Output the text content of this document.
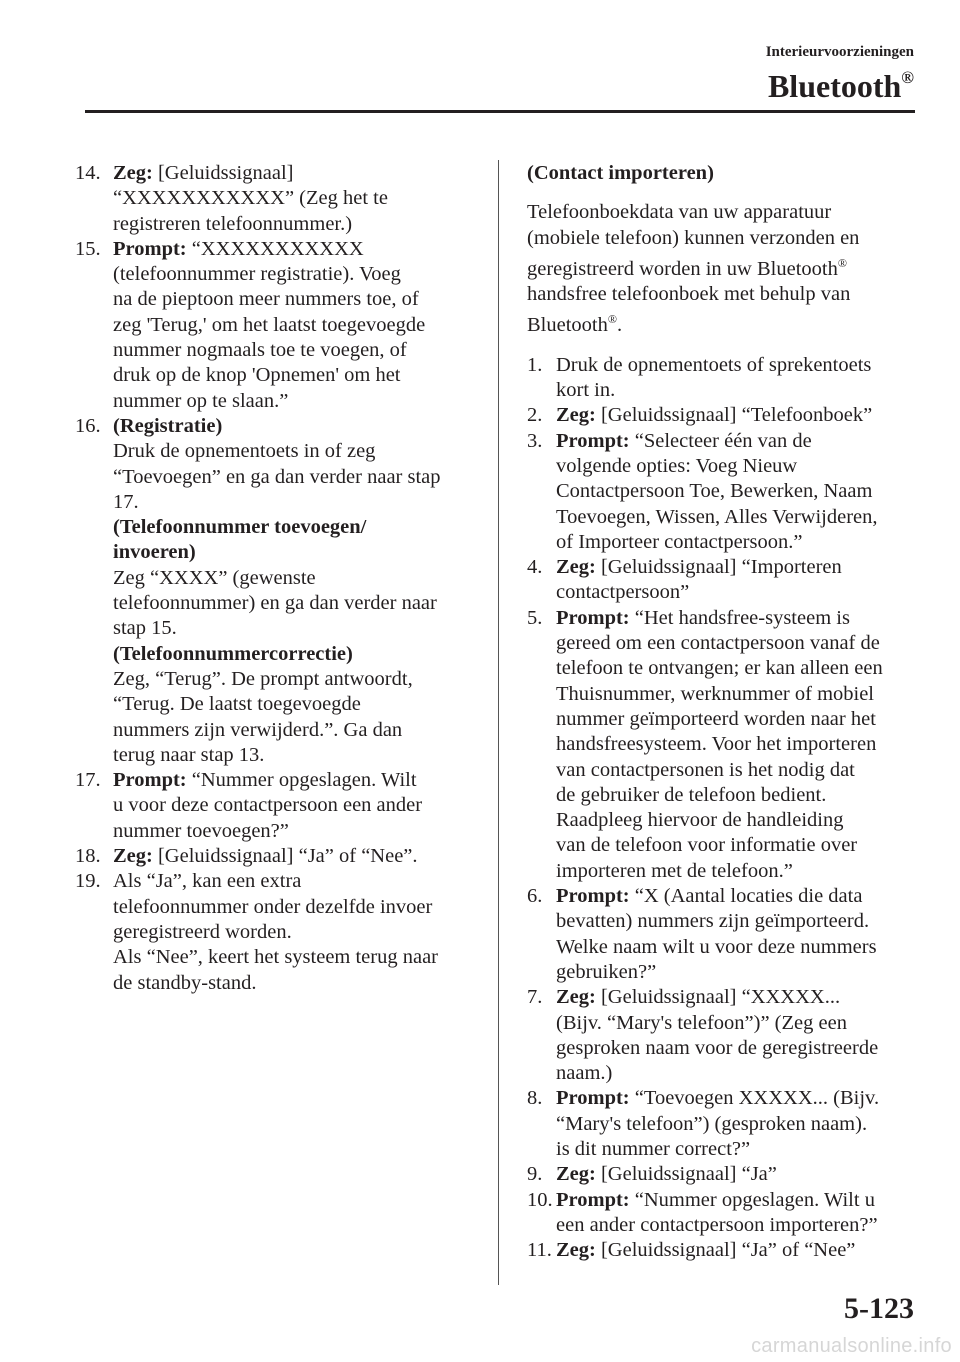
Interieurvoorzieningen
Bluetooth®
14. Zeg: [Geluidssignaal]
“XXXXXXXXXXX” (Zeg het te
registreren telefoonnummer.)
15. Prompt: “XXXXXXXXXXX
(telefoonnummer registratie). Voeg
na de pieptoon meer nummers toe, of
zeg 'Terug,' om het laatst toegevoegde
nummer nogmaals toe te voegen, of
druk op de knop 'Opnemen' om het
nummer op te slaan.”
16. (Registratie)
Druk de opnementoets in of zeg
“Toevoegen” en ga dan verder naar stap
17.
(Telefoonnummer toevoegen/
invoeren)
Zeg “XXXX” (gewenste
telefoonnummer) en ga dan verder naar
stap 15.
(Telefoonnummercorrectie)
Zeg, “Terug”. De prompt antwoordt,
“Terug. De laatst toegevoegde
nummers zijn verwijderd.”. Ga dan
terug naar stap 13.
17. Prompt: “Nummer opgeslagen. Wilt
u voor deze contactpersoon een ander
nummer toevoegen?”
18. Zeg: [Geluidssignaal] “Ja” of “Nee”.
19. Als “Ja”, kan een extra
telefoonnummer onder dezelfde invoer
geregistreerd worden.
Als “Nee”, keert het systeem terug naar
de standby-stand.
(Contact importeren)
Telefoonboekdata van uw apparatuur
(mobiele telefoon) kunnen verzonden en
geregistreerd worden in uw Bluetooth®
handsfree telefoonboek met behulp van
Bluetooth®.
1. Druk de opnementoets of sprekentoets
kort in.
2. Zeg: [Geluidssignaal] “Telefoonboek”
3. Prompt: “Selecteer één van de
volgende opties: Voeg Nieuw
Contactpersoon Toe, Bewerken, Naam
Toevoegen, Wissen, Alles Verwijderen,
of Importeer contactpersoon.”
4. Zeg: [Geluidssignaal] “Importeren
contactpersoon”
5. Prompt: “Het handsfree-systeem is
gereed om een contactpersoon vanaf de
telefoon te ontvangen; er kan alleen een
Thuisnummer, werknummer of mobiel
nummer geïmporteerd worden naar het
handsfreesysteem. Voor het importeren
van contactpersonen is het nodig dat
de gebruiker de telefoon bedient.
Raadpleeg hiervoor de handleiding
van de telefoon voor informatie over
importeren met de telefoon.”
6. Prompt: “X (Aantal locaties die data
bevatten) nummers zijn geïmporteerd.
Welke naam wilt u voor deze nummers
gebruiken?”
7. Zeg: [Geluidssignaal] “XXXXX...
(Bijv. “Mary's telefoon”)” (Zeg een
gesproken naam voor de geregistreerde
naam.)
8. Prompt: “Toevoegen XXXXX... (Bijv.
“Mary's telefoon”) (gesproken naam).
is dit nummer correct?”
9. Zeg: [Geluidssignaal] “Ja”
10. Prompt: “Nummer opgeslagen. Wilt u
een ander contactpersoon importeren?”
11. Zeg: [Geluidssignaal] “Ja” of “Nee”
5-123
carmanualsonline.info
